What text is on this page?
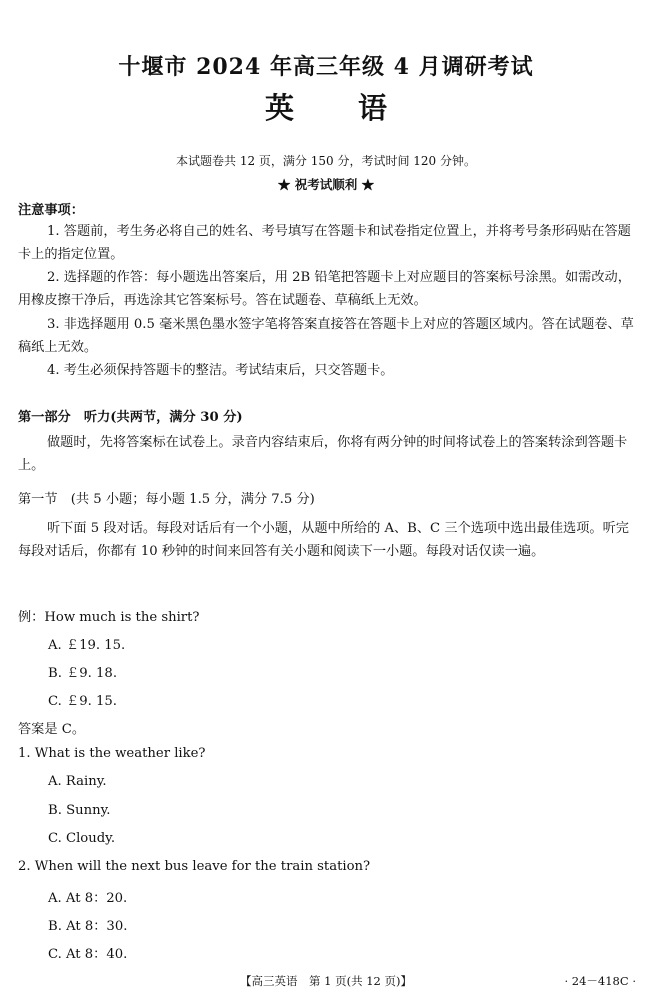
十堰市 2024 年高三年级 4 月调研考试
英 语
本试题卷共 12 页，满分 150 分，考试时间 120 分钟。
★ 祝考试顺利 ★
注意事项：
1. 答题前，考生务必将自己的姓名、考号填写在答题卡和试卷指定位置上，并将考号条形码贴在答题卡上的指定位置。
2. 选择题的作答：每小题选出答案后，用 2B 铅笔把答题卡上对应题目的答案标号涂黑。如需改动，用橡皮擦干净后，再选涂其它答案标号。答在试题卷、草稿纸上无效。
3. 非选择题用 0.5 毫米黑色墨水签字笔将答案直接答在答题卡上对应的答题区域内。答在试题卷、草稿纸上无效。
4. 考生必须保持答题卡的整洁。考试结束后，只交答题卡。
第一部分　听力(共两节，满分 30 分)
做题时，先将答案标在试卷上。录音内容结束后，你将有两分钟的时间将试卷上的答案转涂到答题卡上。
第一节　(共 5 小题；每小题 1.5 分，满分 7.5 分)
听下面 5 段对话。每段对话后有一个小题，从题中所给的 A、B、C 三个选项中选出最佳选项。听完每段对话后，你都有 10 秒钟的时间来回答有关小题和阅读下一小题。每段对话仅读一遍。
例：How much is the shirt?
A. ￡19. 15.
B. ￡9. 18.
C. ￡9. 15.
答案是 C。
1. What is the weather like?
A. Rainy.
B. Sunny.
C. Cloudy.
2. When will the next bus leave for the train station?
A. At 8：20.
B. At 8：30.
C. At 8：40.
【高三英语　第 1 页(共 12 页)】	· 24－418C ·
